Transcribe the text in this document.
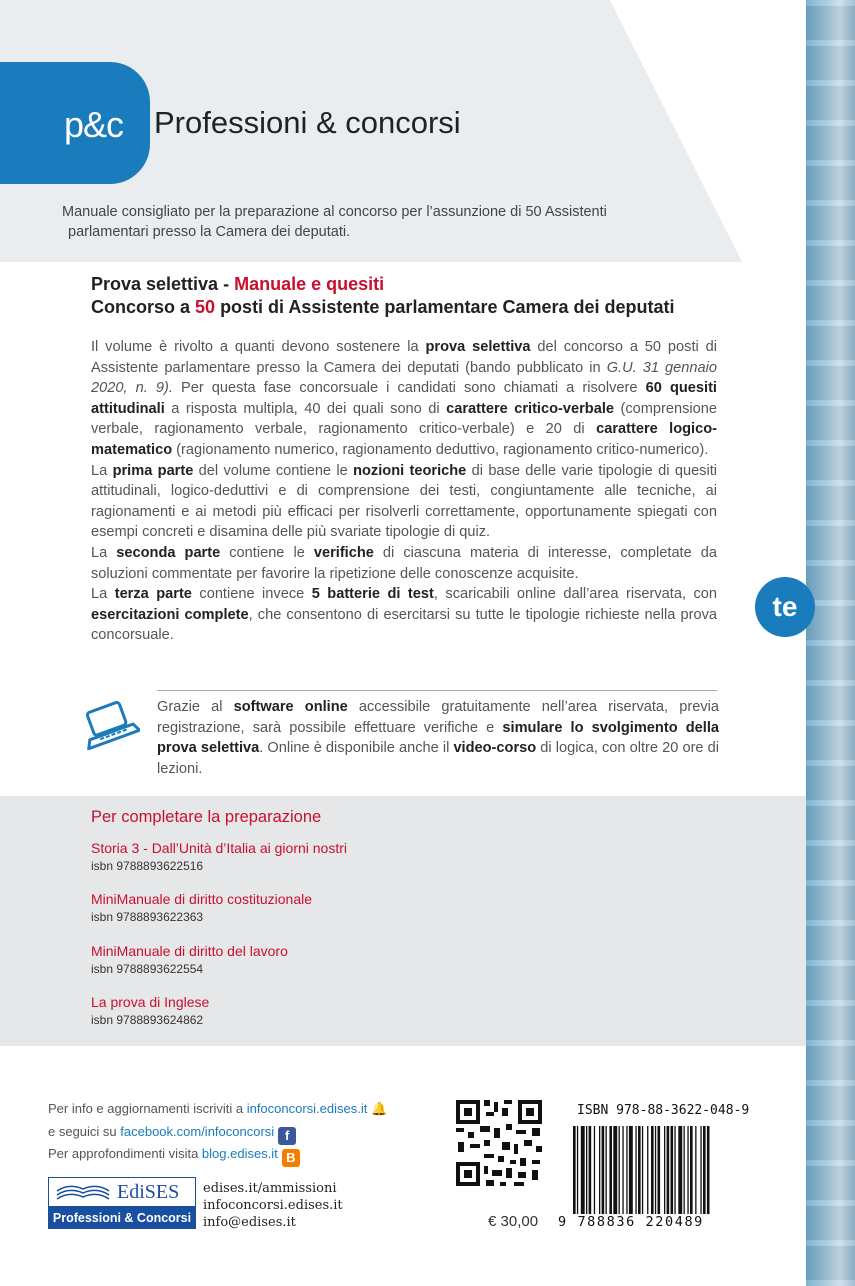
p&c Professioni & concorsi
Manuale consigliato per la preparazione al concorso per l’assunzione di 50 Assistenti
parlamentari presso la Camera dei deputati.
Prova selettiva - Manuale e quesiti
Concorso a 50 posti di Assistente parlamentare Camera dei deputati

Il volume è rivolto a quanti devono sostenere la prova selettiva del concorso a 50 posti di Assistente parlamentare presso la Camera dei deputati (bando pubblicato in G.U. 31 gennaio 2020, n. 9). Per questa fase concorsuale i candidati sono chiamati a risolvere 60 quesiti attitudinali a risposta multipla, 40 dei quali sono di carattere critico-verbale (comprensione verbale, ragionamento verbale, ragionamento critico-verbale) e 20 di carattere logico-matematico (ragionamento numerico, ragionamento deduttivo, ragionamento critico-numerico).

La prima parte del volume contiene le nozioni teoriche di base delle varie tipologie di quesiti attitudinali, logico-deduttivi e di comprensione dei testi, congiuntamente alle tecniche, ai ragionamenti e ai metodi più efficaci per risolverli correttamente, opportunamente spiegati con esempi concreti e disamina delle più svariate tipologie di quiz.

La seconda parte contiene le verifiche di ciascuna materia di interesse, completate da soluzioni commentate per favorire la ripetizione delle conoscenze acquisite.

La terza parte contiene invece 5 batterie di test, scaricabili online dall’area riservata, con esercitazioni complete, che consentono di esercitarsi su tutte le tipologie richieste nella prova concorsuale.

te
Grazie al software online accessibile gratuitamente nell’area riservata, previa registrazione, sarà possibile effettuare verifiche e simulare lo svolgimento della prova selettiva. Online è disponibile anche il video-corso di logica, con oltre 20 ore di lezioni.
Per completare la preparazione
Storia 3 - Dall’Unità d’Italia ai giorni nostri
isbn 9788893622516
MiniManuale di diritto costituzionale
isbn 9788893622363
MiniManuale di diritto del lavoro
isbn 9788893622554
La prova di Inglese
isbn 9788893624862
Per info e aggiornamenti iscriviti a infoconcorsi.edises.it 🔔
e seguici su facebook.com/infoconcorsi f
Per approfondimenti visita blog.edises.it B
EdiSES
Professioni & Concorsi
edises.it/ammissioni
infoconcorsi.edises.it
info@edises.it	€ 30,00
ISBN 978-88-3622-048-9
9 788836 220489
